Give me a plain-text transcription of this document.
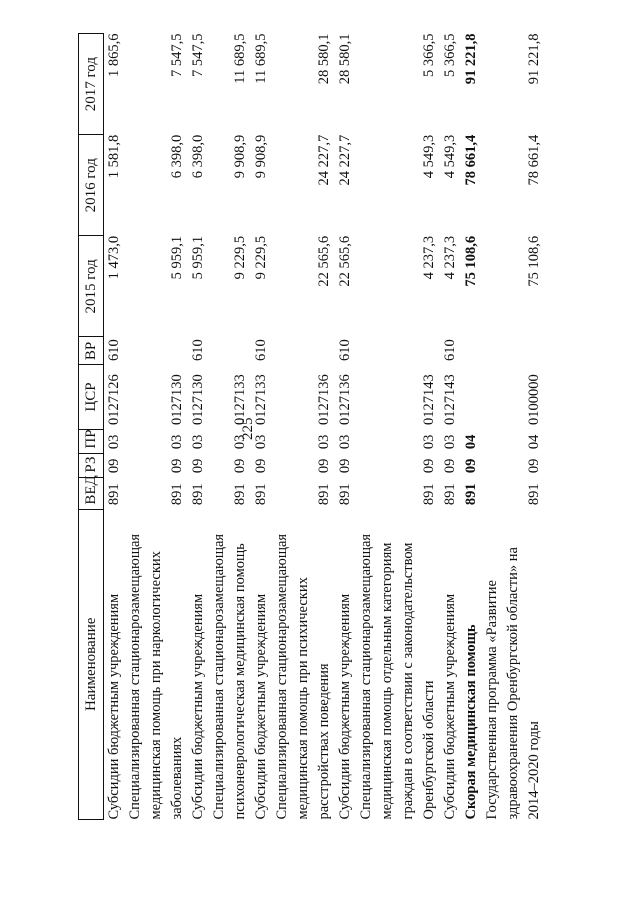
225
Наименование	ВЕД	РЗ	ПР	ЦСР	ВР	2015 год	2016 год	2017 год
Субсидии бюджетным учреждениям	891	09	03	0127126	610	1 473,0	1 581,8	1 865,6
Специализированная стационарозамещающая медицинская помощь при наркологических заболеваниях	891	09	03	0127130		5 959,1	6 398,0	7 547,5
Субсидии бюджетным учреждениям	891	09	03	0127130	610	5 959,1	6 398,0	7 547,5
Специализированная стационарозамещающая психоневрологическая медицинская помощь	891	09	03	0127133		9 229,5	9 908,9	11 689,5
Субсидии бюджетным учреждениям	891	09	03	0127133	610	9 229,5	9 908,9	11 689,5
Специализированная стационарозамещающая медицинская помощь при психических расстройствах поведения	891	09	03	0127136		22 565,6	24 227,7	28 580,1
Субсидии бюджетным учреждениям	891	09	03	0127136	610	22 565,6	24 227,7	28 580,1
Специализированная стационарозамещающая медицинская помощь отдельным категориям граждан в соответствии с законодательством Оренбургской области	891	09	03	0127143		4 237,3	4 549,3	5 366,5
Субсидии бюджетным учреждениям	891	09	03	0127143	610	4 237,3	4 549,3	5 366,5
Скорая медицинская помощь	891	09	04			75 108,6	78 661,4	91 221,8
Государственная программа «Развитие здравоохранения Оренбургской области» на 2014–2020 годы	891	09	04	0100000		75 108,6	78 661,4	91 221,8
